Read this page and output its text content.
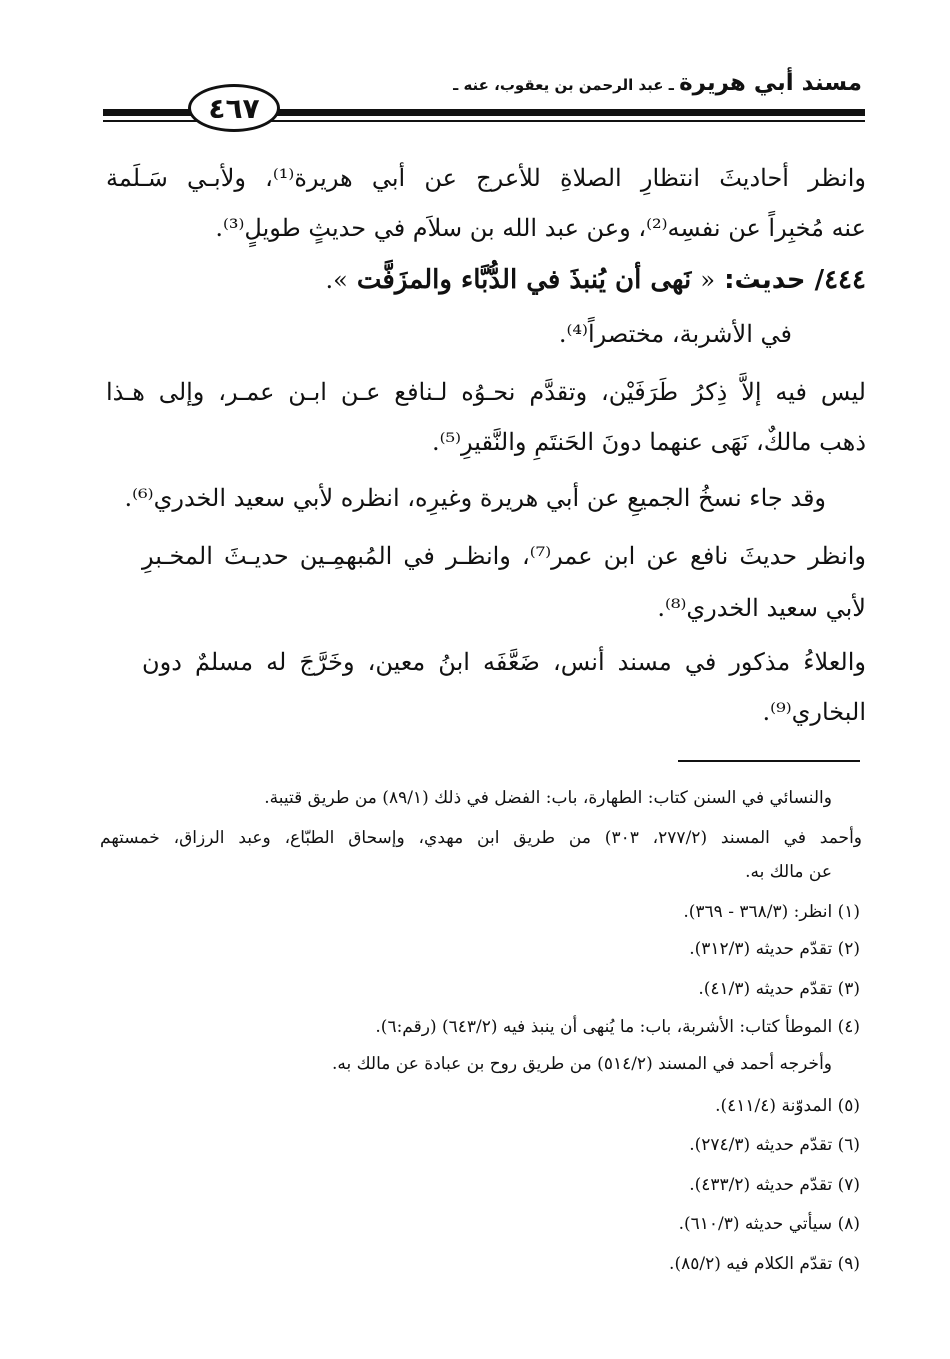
مسند أبي هريرة ـ عبد الرحمن بن يعقوب، عنه ـ
٤٦٧
وانظر أحاديثَ انتظارِ الصلاةِ للأعرج عن أبي هريرة⁽¹⁾، ولأبـي سَـلَمة
عنه مُخبِراً عن نفسِه⁽²⁾، وعن عبد الله بن سلاَم في حديثٍ طويلٍ⁽³⁾.
٤٤٤/ حديث: « نَهى أن يُنبذَ في الدُّبَّاء والمزَفَّت ».
في الأشربة، مختصراً⁽⁴⁾.
ليس فيه إلاَّ ذِكرُ طَرَفَيْن، وتقدَّم نحـوُه لـنافع عـن ابـن عمـر، وإلى هـذا
ذهب مالكٌ، نَهَى عنهما دونَ الحَنتَمِ والنَّقيرِ⁽⁵⁾.
وقد جاء نسخُ الجميعِ عن أبي هريرة وغيرِه، انظره لأبي سعيد الخدري⁽⁶⁾.
وانظر حديثَ نافع عن ابن عمر⁽⁷⁾، وانظـر في المُبهمِـين حديـثَ المخـبرِ
لأبي سعيد الخدري⁽⁸⁾.
والعلاءُ مذكور في مسند أنس، ضَعَّفَه ابنُ معين، وخَرَّجَ له مسلمٌ دون
البخاري⁽⁹⁾.
والنسائي في السنن كتاب: الطهارة، باب: الفضل في ذلك (٨٩/١) من طريق قتيبة.
وأحمد في المسند (٢٧٧/٢، ٣٠٣) من طريق ابن مهدي، وإسحاق الطبّاع، وعبد الرزاق، خمستهم
عن مالك به.
(١) انظر: (٣٦٨/٣ - ٣٦٩).
(٢) تقدّم حديثه (٣١٢/٣).
(٣) تقدّم حديثه (٤١/٣).
(٤) الموطأ كتاب: الأشربة، باب: ما يُنهى أن ينبذ فيه (٦٤٣/٢) (رقم:٦).
وأخرجه أحمد في المسند (٥١٤/٢) من طريق روح بن عبادة عن مالك به.
(٥) المدوّنة (٤١١/٤).
(٦) تقدّم حديثه (٢٧٤/٣).
(٧) تقدّم حديثه (٤٣٣/٢).
(٨) سيأتي حديثه (٦١٠/٣).
(٩) تقدّم الكلام فيه (٨٥/٢).
